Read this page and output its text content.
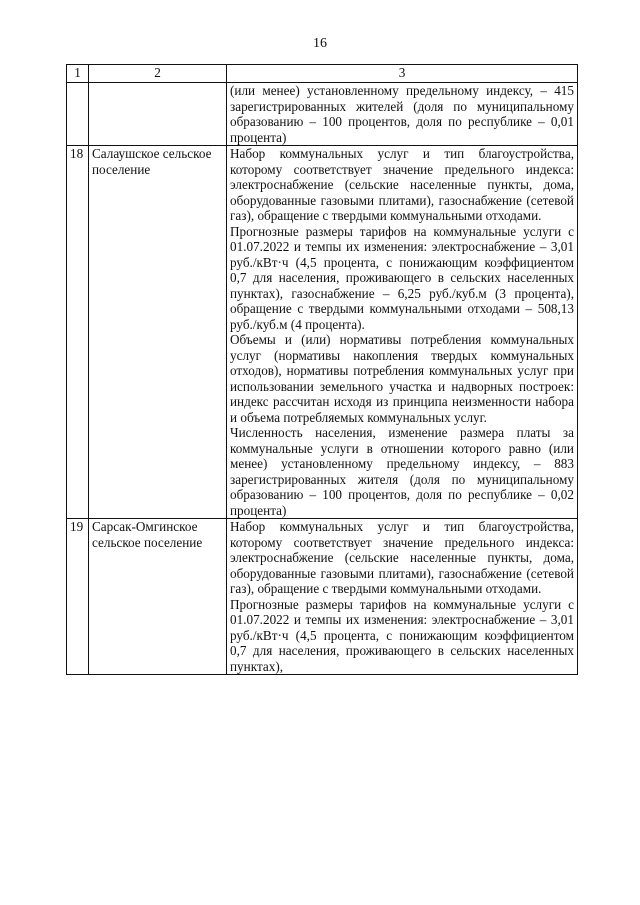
16
1	2	3

		(или менее) установленному предельному индексу, – 415 зарегистрированных жителей (доля по муниципальному образованию – 100 процентов, доля по республике – 0,01 процента)

18	Салаушское сельское поселение	Набор коммунальных услуг и тип благоустройства, которому соответствует значение предельного индекса: электроснабжение (сельские населенные пункты, дома, оборудованные газовыми плитами), газоснабжение (сетевой газ), обращение с твердыми коммунальными отходами.

Прогнозные размеры тарифов на коммунальные услуги с 01.07.2022 и темпы их изменения: электроснабжение – 3,01 руб./кВт·ч (4,5 процента, с понижающим коэффициентом 0,7 для населения, проживающего в сельских населенных пунктах), газоснабжение – 6,25 руб./куб.м (3 процента), обращение с твердыми коммунальными отходами – 508,13 руб./куб.м (4 процента).

Объемы и (или) нормативы потребления коммунальных услуг (нормативы накопления твердых коммунальных отходов), нормативы потребления коммунальных услуг при использовании земельного участка и надворных построек: индекс рассчитан исходя из принципа неизменности набора и объема потребляемых коммунальных услуг.

Численность населения, изменение размера платы за коммунальные услуги в отношении которого равно (или менее) установленному предельному индексу, – 883 зарегистрированных жителя (доля по муниципальному образованию – 100 процентов, доля по республике – 0,02 процента)

19	Сарсак-Омгинское сельское поселение	Набор коммунальных услуг и тип благоустройства, которому соответствует значение предельного индекса: электроснабжение (сельские населенные пункты, дома, оборудованные газовыми плитами), газоснабжение (сетевой газ), обращение с твердыми коммунальными отходами.

Прогнозные размеры тарифов на коммунальные услуги с 01.07.2022 и темпы их изменения: электроснабжение – 3,01 руб./кВт·ч (4,5 процента, с понижающим коэффициентом 0,7 для населения, проживающего в сельских населенных пунктах),
